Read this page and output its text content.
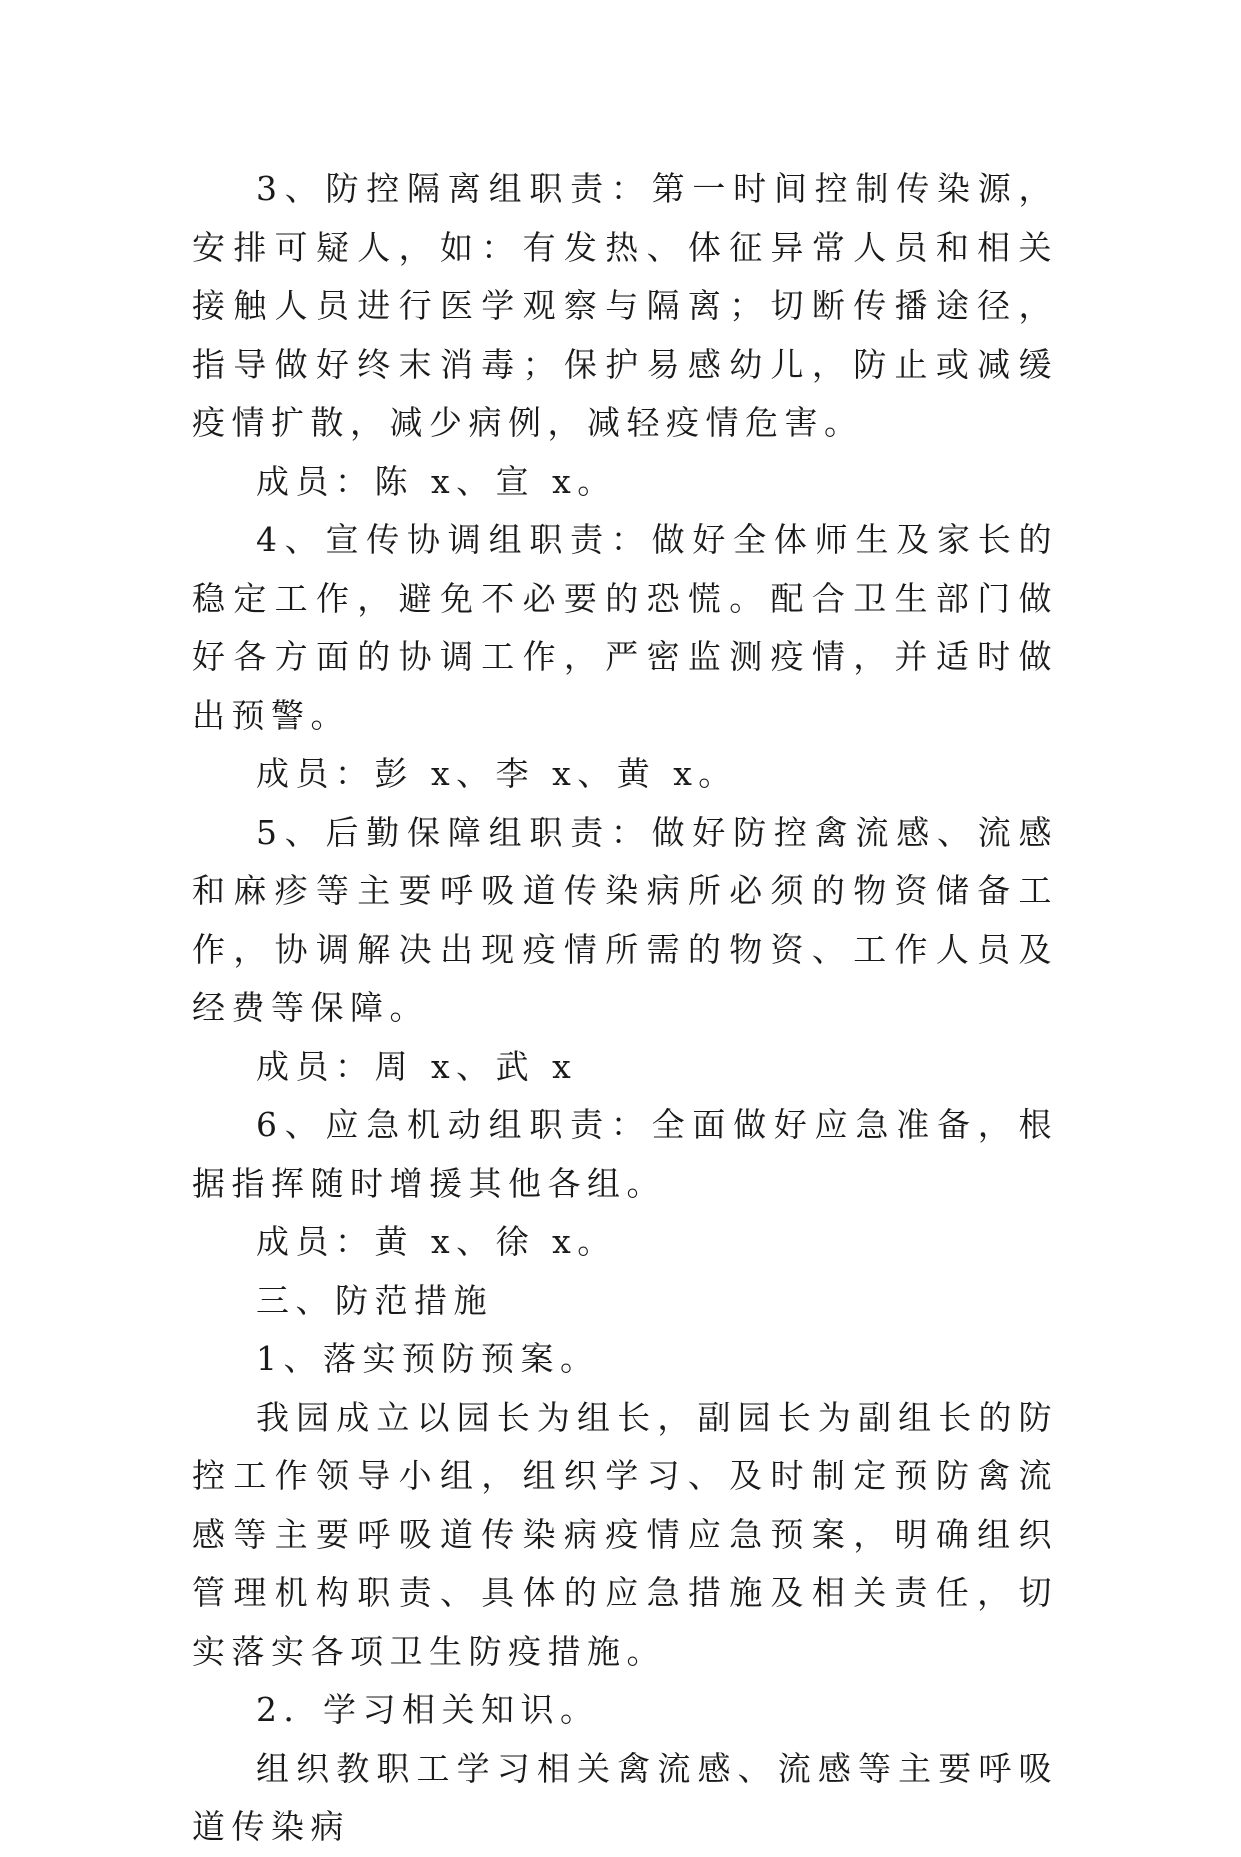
3、防控隔离组职责：第一时间控制传染源，安排可疑人，如：有发热、体征异常人员和相关接触人员进行医学观察与隔离；切断传播途径，指导做好终末消毒；保护易感幼儿，防止或减缓疫情扩散，减少病例，减轻疫情危害。

成员：陈 x、宣 x。

4、宣传协调组职责：做好全体师生及家长的稳定工作，避免不必要的恐慌。配合卫生部门做好各方面的协调工作，严密监测疫情，并适时做出预警。

成员：彭 x、李 x、黄 x。

5、后勤保障组职责：做好防控禽流感、流感和麻疹等主要呼吸道传染病所必须的物资储备工作，协调解决出现疫情所需的物资、工作人员及经费等保障。

成员：周 x、武 x

6、应急机动组职责：全面做好应急准备，根据指挥随时增援其他各组。

成员：黄 x、徐 x。

三、防范措施

1、落实预防预案。

我园成立以园长为组长，副园长为副组长的防控工作领导小组，组织学习、及时制定预防禽流感等主要呼吸道传染病疫情应急预案，明确组织管理机构职责、具体的应急措施及相关责任，切实落实各项卫生防疫措施。

2．学习相关知识。

组织教职工学习相关禽流感、流感等主要呼吸道传染病
